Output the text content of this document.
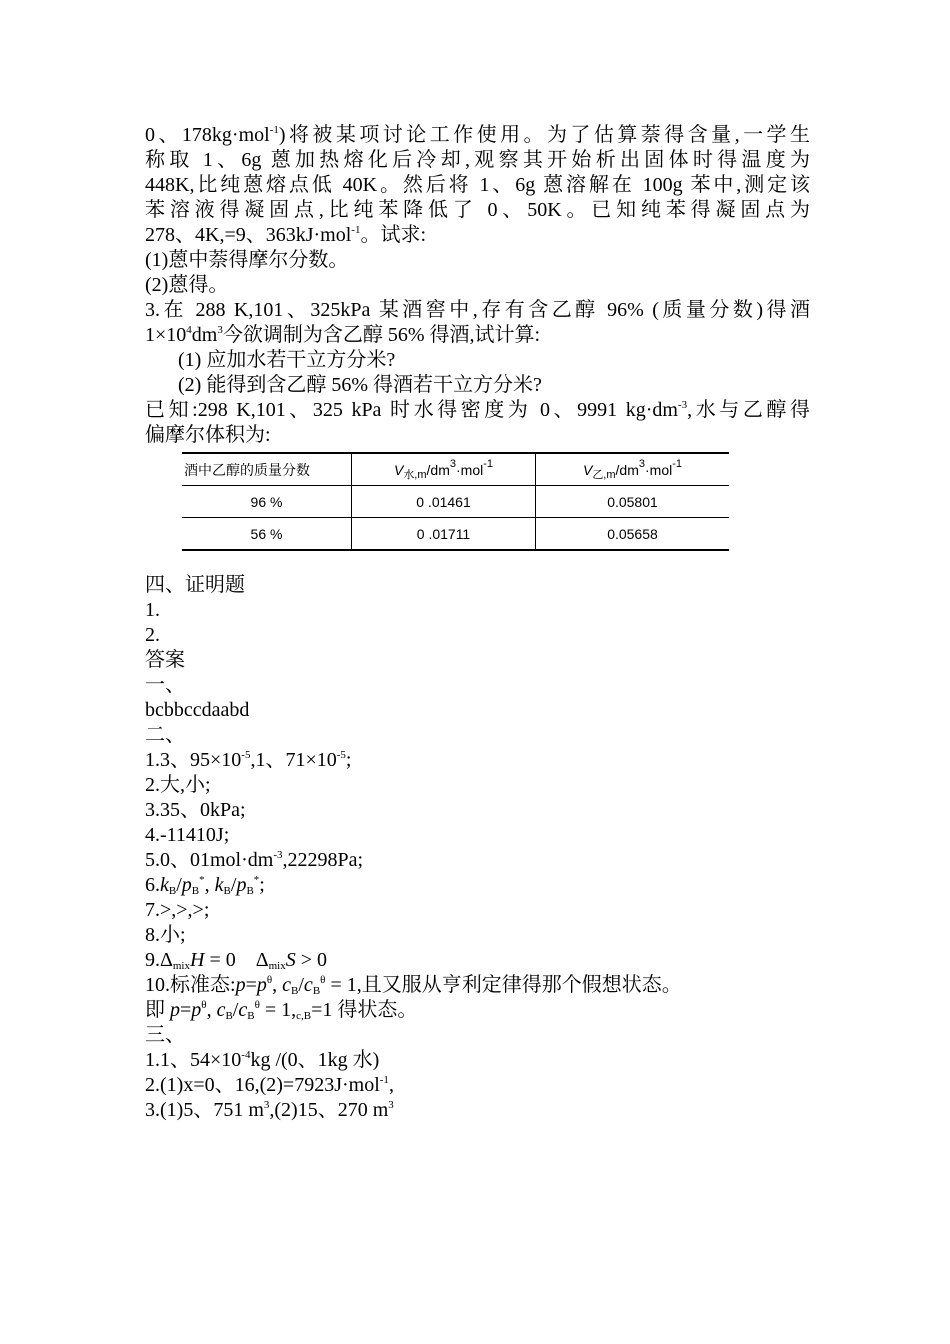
0、178kg·mol$^{-1}$)将被某项讨论工作使用。为了估算萘得含量,一学生
称取 1、6g 蒽加热熔化后冷却,观察其开始析出固体时得温度为
448K,比纯蒽熔点低 40K。然后将 1、6g 蒽溶解在 100g 苯中,测定该
苯溶液得凝固点,比纯苯降低了 0、50K。已知纯苯得凝固点为
278、4K,=9、363kJ·mol$^{-1}$。试求:
(1)蒽中萘得摩尔分数。
(2)蒽得。
3.在 288 K,101、325kPa 某酒窖中,存有含乙醇 96% (质量分数)得酒
$1\times 10^4dm^3$今欲调制为含乙醇 56% 得酒,试计算:
(1) 应加水若干立方分米?
(2) 能得到含乙醇 56% 得酒若干立方分米?
已知:298 K,101、325 kPa 时水得密度为 0、9991 $kg\cdot dm^{-3}$,水与乙醇得
偏摩尔体积为:
酒中乙醇的质量分数	$V_{水,m}/dm^3\cdot mol^{-1}$	$V_{乙,m}/dm^3\cdot mol^{-1}$
96 %	0 .01461	0.05801
56 %	0 .01711	0.05658
四、证明题
1.
2.
答案
一、
bcbbccdaabd
二、
1.3、$95\times 10^{-5},1$、$71\times 10^{-5}$;
2.大,小;
3.35、0kPa;
4.-11410J;
5.0、$01mol\cdot dm^{-3},22298Pa$;
$6.k_B/p_B^*$, $k_B/p_B^*$;
7.>,>,>;
8.小;
$9.\Delta_{mix}H = 0$    $\Delta_{mix}S > 0$
10.标准态$:p=p^\theta$, $c_B/c_B^\theta = 1$,且又服从亨利定律得那个假想状态。
即 $p=p^\theta$, $c_B/c_B^\theta = 1,_{c,B}=1$ 得状态。
三、
1.1、$54\times 10^{-4}kg$ /(0、1kg 水)
2.(1)x=0、16,(2)=7923J·mol$^{-1}$,
3.(1)5、751 $m^3,(2)15$、270 $m^3$
